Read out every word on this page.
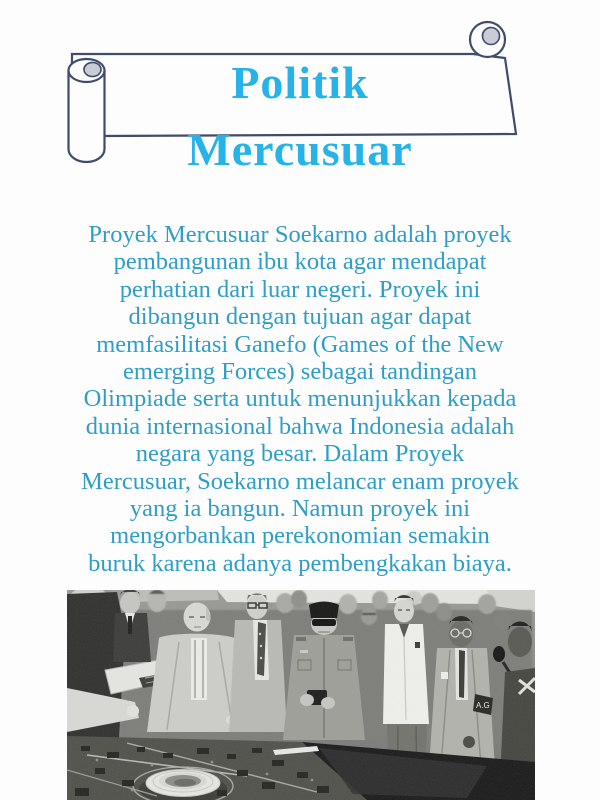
Politik
Mercusuar
Proyek Mercusuar Soekarno adalah proyek
pembangunan ibu kota agar mendapat
perhatian dari luar negeri. Proyek ini
dibangun dengan tujuan agar dapat
memfasilitasi Ganefo (Games of the New
emerging Forces) sebagai tandingan
Olimpiade serta untuk menunjukkan kepada
dunia internasional bahwa Indonesia adalah
negara yang besar. Dalam Proyek
Mercusuar, Soekarno melancar enam proyek
yang ia bangun. Namun proyek ini
mengorbankan perekonomian semakin
buruk karena adanya pembengkakan biaya.
